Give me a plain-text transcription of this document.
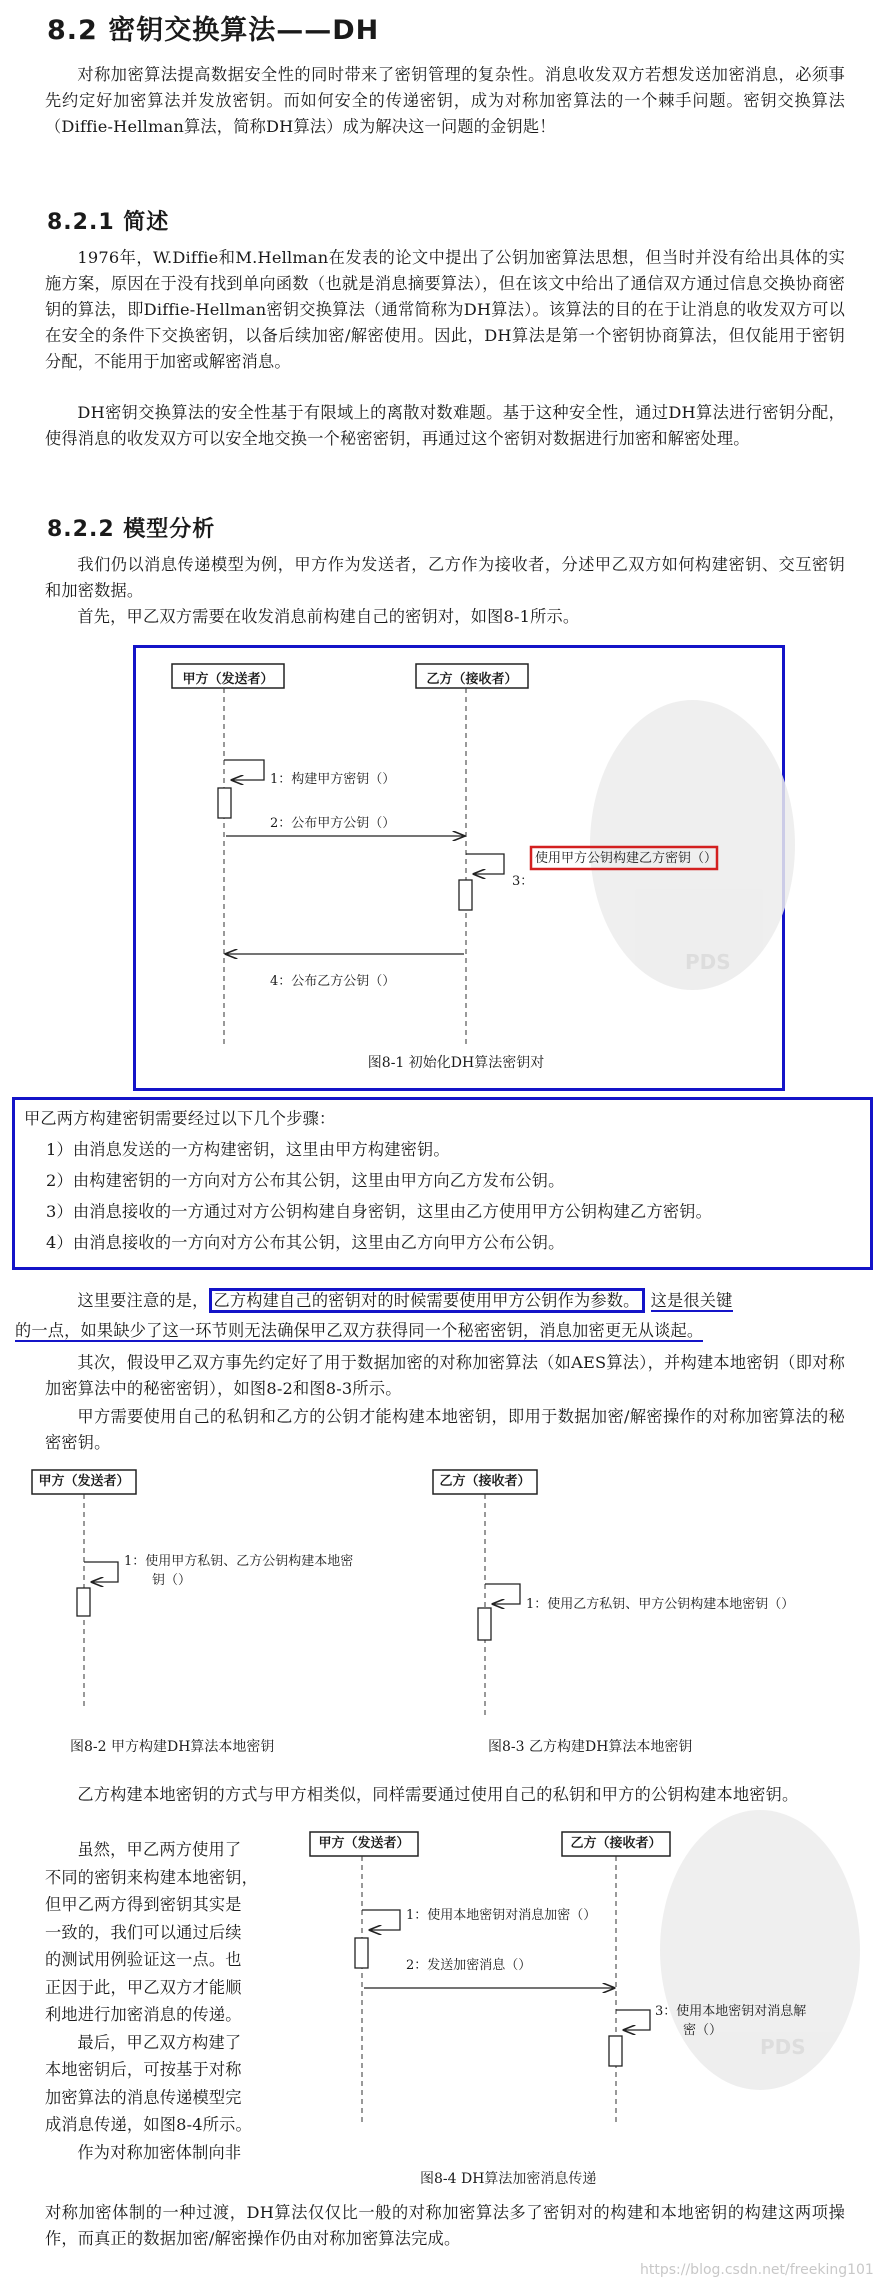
8.2 密钥交换算法——DH

对称加密算法提高数据安全性的同时带来了密钥管理的复杂性。消息收发双方若想发送加密消息，必须事先约定好加密算法并发放密钥。而如何安全的传递密钥，成为对称加密算法的一个棘手问题。密钥交换算法（Diffie-Hellman算法，简称DH算法）成为解决这一问题的金钥匙！

8.2.1 简述

1976年，W.Diffie和M.Hellman在发表的论文中提出了公钥加密算法思想，但当时并没有给出具体的实施方案，原因在于没有找到单向函数（也就是消息摘要算法），但在该文中给出了通信双方通过信息交换协商密钥的算法，即Diffie-Hellman密钥交换算法（通常简称为DH算法）。该算法的目的在于让消息的收发双方可以在安全的条件下交换密钥，以备后续加密/解密使用。因此，DH算法是第一个密钥协商算法，但仅能用于密钥分配，不能用于加密或解密消息。

DH密钥交换算法的安全性基于有限域上的离散对数难题。基于这种安全性，通过DH算法进行密钥分配，使得消息的收发双方可以安全地交换一个秘密密钥，再通过这个密钥对数据进行加密和解密处理。

8.2.2 模型分析

我们仍以消息传递模型为例，甲方作为发送者，乙方作为接收者，分述甲乙双方如何构建密钥、交互密钥和加密数据。

首先，甲乙双方需要在收发消息前构建自己的密钥对，如图8-1所示。

PDS
甲方（发送者）	乙方（接收者）
1：构建甲方密钥（）
2：公布甲方公钥（）
3：
使用甲方公钥构建乙方密钥（）
4：公布乙方公钥（）
图8-1 初始化DH算法密钥对
甲乙两方构建密钥需要经过以下几个步骤：

1）由消息发送的一方构建密钥，这里由甲方构建密钥。

2）由构建密钥的一方向对方公布其公钥，这里由甲方向乙方发布公钥。

3）由消息接收的一方通过对方公钥构建自身密钥，这里由乙方使用甲方公钥构建乙方密钥。

4）由消息接收的一方向对方公布其公钥，这里由乙方向甲方公布公钥。

这里要注意的是， 乙方构建自己的密钥对的时候需要使用甲方公钥作为参数。 这是很关键
的一点，如果缺少了这一环节则无法确保甲乙双方获得同一个秘密密钥，消息加密更无从谈起。

其次，假设甲乙双方事先约定好了用于数据加密的对称加密算法（如AES算法），并构建本地密钥（即对称加密算法中的秘密密钥），如图8-2和图8-3所示。

甲方需要使用自己的私钥和乙方的公钥才能构建本地密钥，即用于数据加密/解密操作的对称加密算法的秘密密钥。

甲方（发送者）
1：使用甲方私钥、乙方公钥构建本地密
钥（）
图8-2 甲方构建DH算法本地密钥
乙方（接收者）
1：使用乙方私钥、甲方公钥构建本地密钥（）
图8-3 乙方构建DH算法本地密钥

乙方构建本地密钥的方式与甲方相类似，同样需要通过使用自己的私钥和甲方的公钥构建本地密钥。

虽然，甲乙两方使用了
不同的密钥来构建本地密钥，
但甲乙两方得到密钥其实是
一致的，我们可以通过后续
的测试用例验证这一点。也
正因于此，甲乙双方才能顺
利地进行加密消息的传递。
最后，甲乙双方构建了
本地密钥后，可按基于对称
加密算法的消息传递模型完
成消息传递，如图8-4所示。
作为对称加密体制向非
PDS
甲方（发送者）	乙方（接收者）
1：使用本地密钥对消息加密（）
2：发送加密消息（）
3：使用本地密钥对消息解
密（）
图8-4 DH算法加密消息传递

对称加密体制的一种过渡，DH算法仅仅比一般的对称加密算法多了密钥对的构建和本地密钥的构建这两项操作，而真正的数据加密/解密操作仍由对称加密算法完成。

https://blog.csdn.net/freeking101
